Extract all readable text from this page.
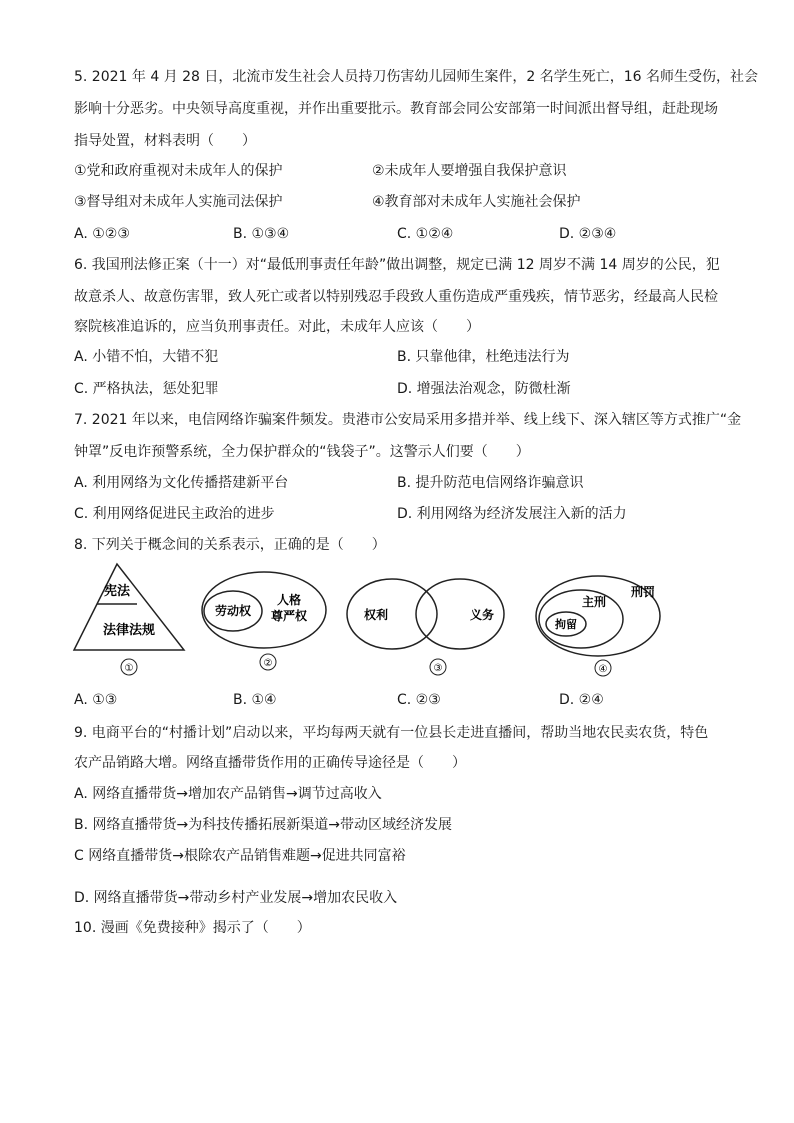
5. 2021 年 4 月 28 日，北流市发生社会人员持刀伤害幼儿园师生案件，2 名学生死亡，16 名师生受伤，社会
影响十分恶劣。中央领导高度重视，并作出重要批示。教育部会同公安部第一时间派出督导组，赶赴现场
指导处置，材料表明（　　）
①党和政府重视对未成年人的保护	②未成年人要增强自我保护意识
③督导组对未成年人实施司法保护	④教育部对未成年人实施社会保护
A. ①②③	B. ①③④	C. ①②④	D. ②③④
6. 我国刑法修正案（十一）对“最低刑事责任年龄”做出调整，规定已满 12 周岁不满 14 周岁的公民，犯
故意杀人、故意伤害罪，致人死亡或者以特别残忍手段致人重伤造成严重残疾，情节恶劣，经最高人民检
察院核准追诉的，应当负刑事责任。对此，未成年人应该（　　）
A. 小错不怕，大错不犯	B. 只靠他律，杜绝违法行为
C. 严格执法，惩处犯罪	D. 增强法治观念，防微杜渐
7. 2021 年以来，电信网络诈骗案件频发。贵港市公安局采用多措并举、线上线下、深入辖区等方式推广“金
钟罩”反电诈预警系统，全力保护群众的“钱袋子”。这警示人们要（　　）
A. 利用网络为文化传播搭建新平台	B. 提升防范电信网络诈骗意识
C. 利用网络促进民主政治的进步	D. 利用网络为经济发展注入新的活力
8. 下列关于概念间的关系表示，正确的是（　　）
宪法
法律法规
①
劳动权
人格
尊严权
②
权利	义务
③
刑罚
主刑
拘留
④
A. ①③	B. ①④	C. ②③	D. ②④
9. 电商平台的“村播计划”启动以来，平均每两天就有一位县长走进直播间，帮助当地农民卖农货，特色
农产品销路大增。网络直播带货作用的正确传导途径是（　　）
A. 网络直播带货→增加农产品销售→调节过高收入
B. 网络直播带货→为科技传播拓展新渠道→带动区域经济发展
C 网络直播带货→根除农产品销售难题→促进共同富裕
D. 网络直播带货→带动乡村产业发展→增加农民收入
10. 漫画《免费接种》揭示了（　　）
